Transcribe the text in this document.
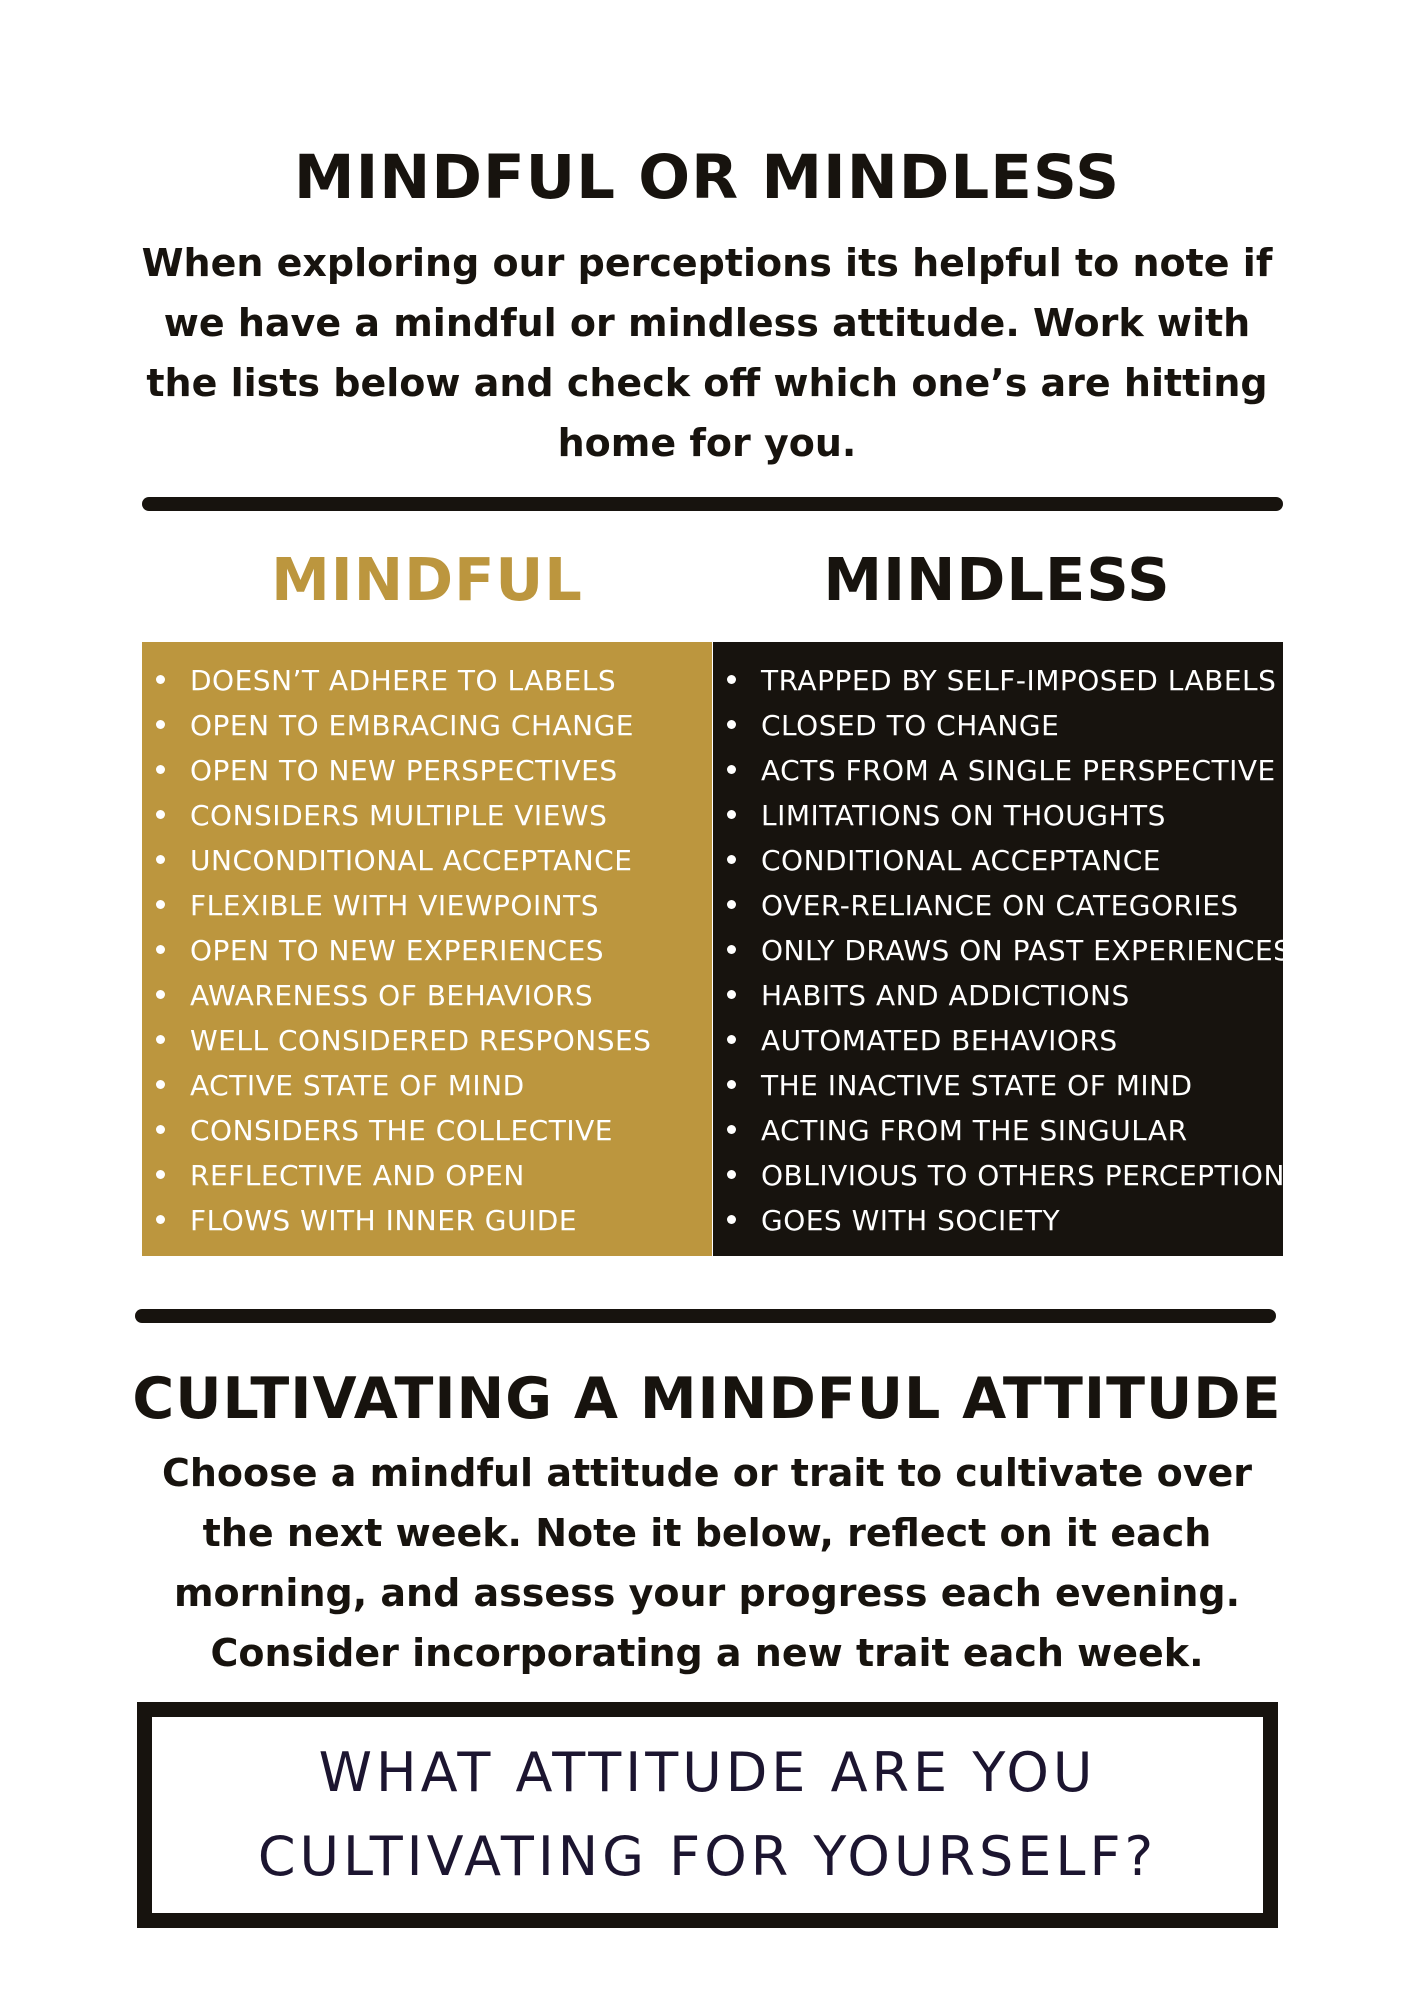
MINDFUL OR MINDLESS

When exploring our perceptions its helpful to note if we have a mindful or mindless attitude. Work with the lists below and check off which one’s are hitting home for you.

MINDFUL	MINDLESS
DOESN’T ADHERE TO LABELS
OPEN TO EMBRACING CHANGE
OPEN TO NEW PERSPECTIVES
CONSIDERS MULTIPLE VIEWS
UNCONDITIONAL ACCEPTANCE
FLEXIBLE WITH VIEWPOINTS
OPEN TO NEW EXPERIENCES
AWARENESS OF BEHAVIORS
WELL CONSIDERED RESPONSES
ACTIVE STATE OF MIND
CONSIDERS THE COLLECTIVE
REFLECTIVE AND OPEN
FLOWS WITH INNER GUIDE
TRAPPED BY SELF-IMPOSED LABELS
CLOSED TO CHANGE
ACTS FROM A SINGLE PERSPECTIVE
LIMITATIONS ON THOUGHTS
CONDITIONAL ACCEPTANCE
OVER-RELIANCE ON CATEGORIES
ONLY DRAWS ON PAST EXPERIENCES
HABITS AND ADDICTIONS
AUTOMATED BEHAVIORS
THE INACTIVE STATE OF MIND
ACTING FROM THE SINGULAR
OBLIVIOUS TO OTHERS PERCEPTIONS
GOES WITH SOCIETY
CULTIVATING A MINDFUL ATTITUDE

Choose a mindful attitude or trait to cultivate over the next week. Note it below, reflect on it each morning, and assess your progress each evening. Consider incorporating a new trait each week.

WHAT ATTITUDE ARE YOU
CULTIVATING FOR YOURSELF?
